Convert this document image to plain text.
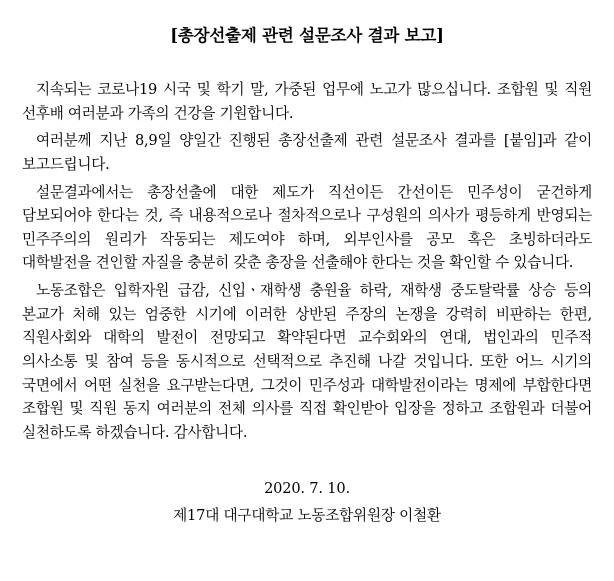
[총장선출제 관련 설문조사 결과 보고]

지속되는 코로나19 시국 및 학기 말, 가중된 업무에 노고가 많으십니다. 조합원 및 직원 선후배 여러분과 가족의 건강을 기원합니다.

여러분께 지난 8,9일 양일간 진행된 총장선출제 관련 설문조사 결과를 [붙임]과 같이 보고드립니다.

설문결과에서는 총장선출에 대한 제도가 직선이든 간선이든 민주성이 굳건하게 담보되어야 한다는 것, 즉 내용적으로나 절차적으로나 구성원의 의사가 평등하게 반영되는 민주주의의 원리가 작동되는 제도여야 하며, 외부인사를 공모 혹은 초빙하더라도 대학발전을 견인할 자질을 충분히 갖춘 총장을 선출해야 한다는 것을 확인할 수 있습니다.

노동조합은 입학자원 급감, 신입ㆍ재학생 충원율 하락, 재학생 중도탈락률 상승 등의 본교가 처해 있는 엄중한 시기에 이러한 상반된 주장의 논쟁을 강력히 비판하는 한편, 직원사회와 대학의 발전이 전망되고 확약된다면 교수회와의 연대, 법인과의 민주적 의사소통 및 참여 등을 동시적으로 선택적으로 추진해 나갈 것입니다. 또한 어느 시기의 국면에서 어떤 실천을 요구받는다면, 그것이 민주성과 대학발전이라는 명제에 부합한다면 조합원 및 직원 동지 여러분의 전체 의사를 직접 확인받아 입장을 정하고 조합원과 더불어 실천하도록 하겠습니다. 감사합니다.

2020. 7. 10.
제17대 대구대학교 노동조합위원장 이철환
